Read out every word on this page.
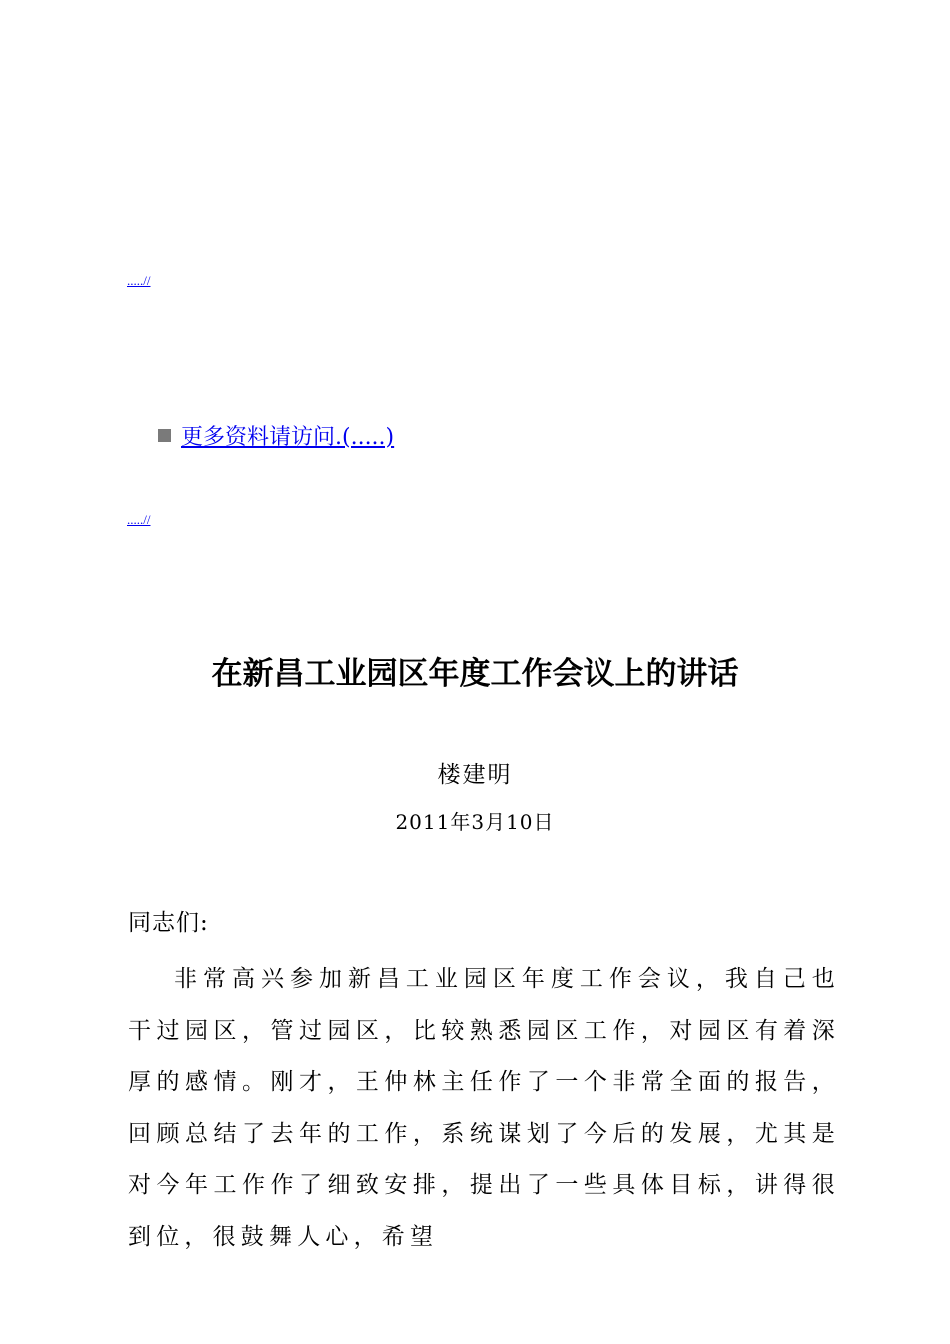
.....//
更多资料请访问.(.....)
.....//
在新昌工业园区年度工作会议上的讲话
楼建明
2011年3月10日
同志们:

非常高兴参加新昌工业园区年度工作会议，我自己也干过园区，管过园区，比较熟悉园区工作，对园区有着深厚的感情。刚才，王仲林主任作了一个非常全面的报告，回顾总结了去年的工作，系统谋划了今后的发展，尤其是对今年工作作了细致安排，提出了一些具体目标，讲得很到位，很鼓舞人心，希望
